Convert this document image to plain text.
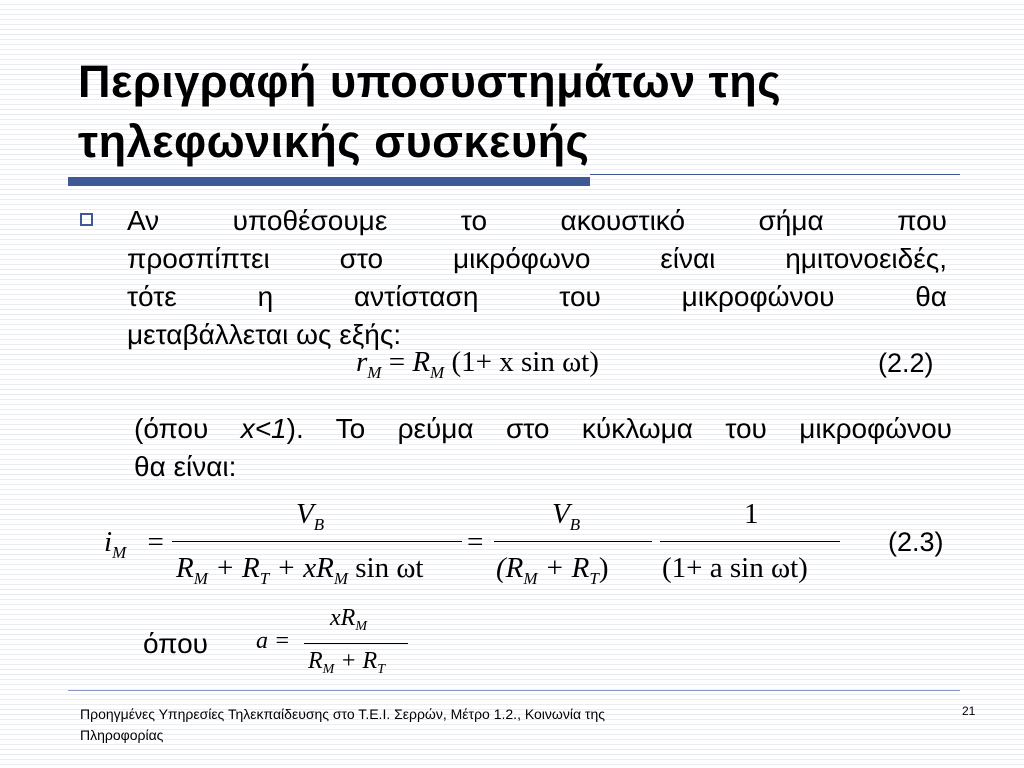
Περιγραφή υποσυστημάτων της
τηλεφωνικής συσκευής
Αν υποθέσουμε το ακουστικό σήμα που
προσπίπτει στο μικρόφωνο είναι ημιτονοειδές,
τότε η αντίσταση του μικροφώνου θα
μεταβάλλεται ως εξής:
$r_M = R_M$ (1+ x sin ωt)	(2.2)
(όπου x<1). Το ρεύμα στο κύκλωμα του μικροφώνου
θα είναι:
$i_M$ =
$V_B$
$R_M + R_T + xR_M$ sin ωt
=
$V_B$
$(R_M + R_T)$
1
(1+ a sin ωt)
(2.3)
όπου a =
$xR_M$
$R_M + R_T$
Προηγμένες Υπηρεσίες Τηλεκπαίδευσης στο Τ.Ε.Ι. Σερρών, Μέτρο 1.2., Κοινωνία της
Πληροφορίας
21
